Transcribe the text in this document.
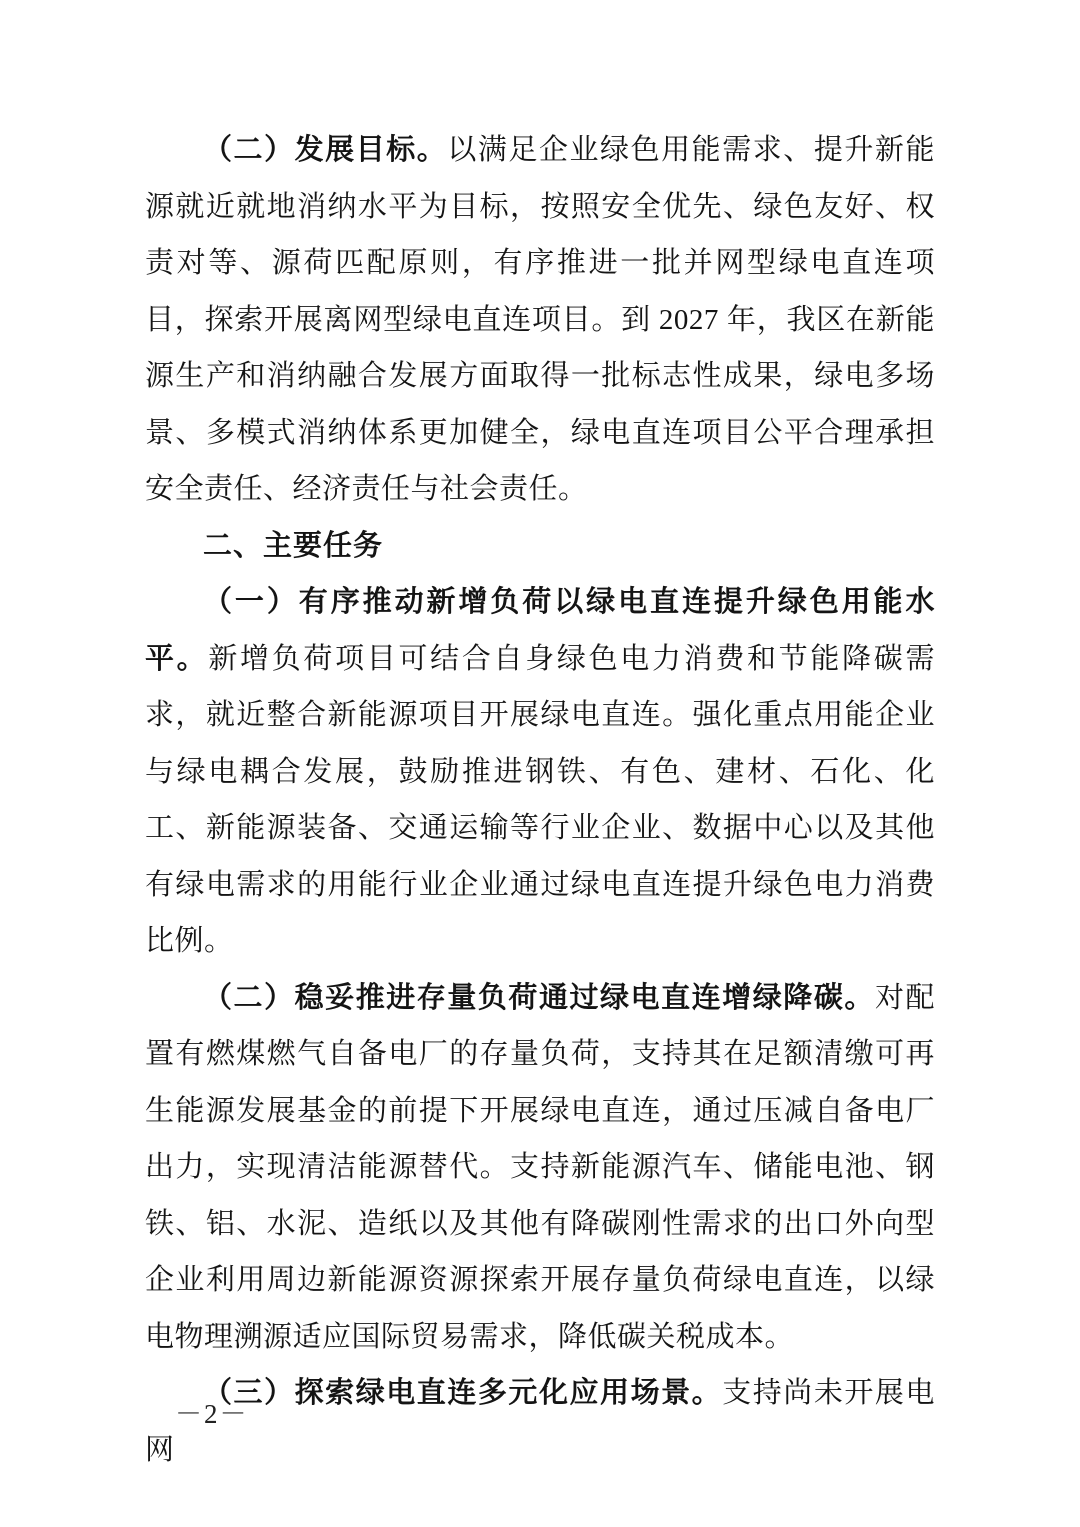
（二）发展目标。以满足企业绿色用能需求、提升新能源就近就地消纳水平为目标，按照安全优先、绿色友好、权责对等、源荷匹配原则，有序推进一批并网型绿电直连项目，探索开展离网型绿电直连项目。到 2027 年，我区在新能源生产和消纳融合发展方面取得一批标志性成果，绿电多场景、多模式消纳体系更加健全，绿电直连项目公平合理承担安全责任、经济责任与社会责任。

二、主要任务

（一）有序推动新增负荷以绿电直连提升绿色用能水平。新增负荷项目可结合自身绿色电力消费和节能降碳需求，就近整合新能源项目开展绿电直连。强化重点用能企业与绿电耦合发展，鼓励推进钢铁、有色、建材、石化、化工、新能源装备、交通运输等行业企业、数据中心以及其他有绿电需求的用能行业企业通过绿电直连提升绿色电力消费比例。

（二）稳妥推进存量负荷通过绿电直连增绿降碳。对配置有燃煤燃气自备电厂的存量负荷，支持其在足额清缴可再生能源发展基金的前提下开展绿电直连，通过压减自备电厂出力，实现清洁能源替代。支持新能源汽车、储能电池、钢铁、铝、水泥、造纸以及其他有降碳刚性需求的出口外向型企业利用周边新能源资源探索开展存量负荷绿电直连，以绿电物理溯源适应国际贸易需求，降低碳关税成本。

（三）探索绿电直连多元化应用场景。支持尚未开展电网

－2－
